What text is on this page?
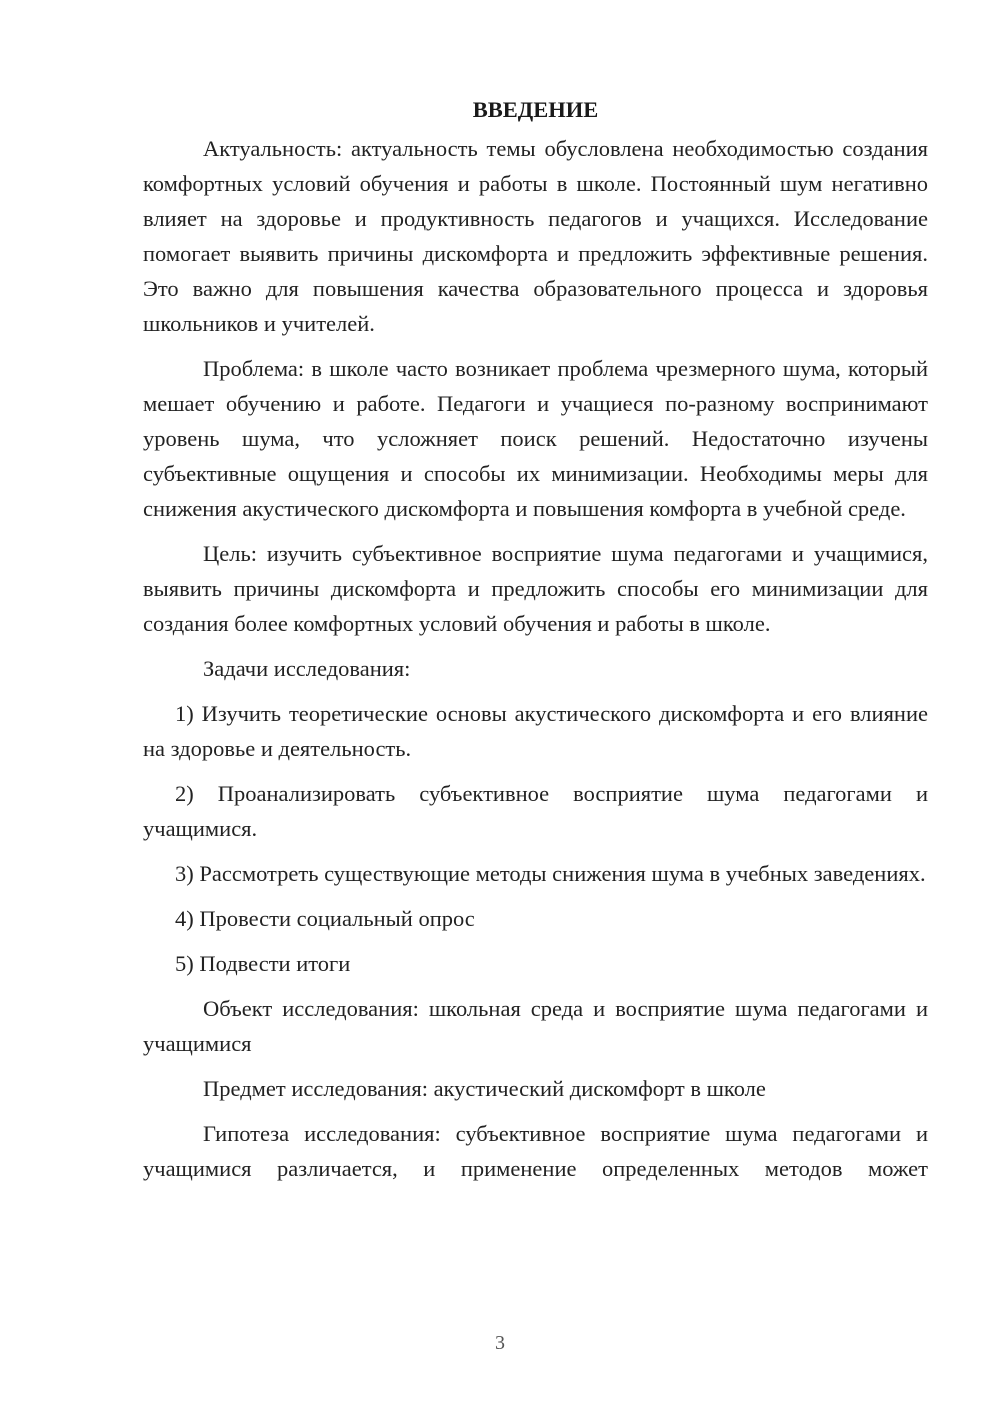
ВВЕДЕНИЕ

Актуальность: актуальность темы обусловлена необходимостью создания комфортных условий обучения и работы в школе. Постоянный шум негативно влияет на здоровье и продуктивность педагогов и учащихся. Исследование помогает выявить причины дискомфорта и предложить эффективные решения. Это важно для повышения качества образовательного процесса и здоровья школьников и учителей.

Проблема: в школе часто возникает проблема чрезмерного шума, который мешает обучению и работе. Педагоги и учащиеся по-разному воспринимают уровень шума, что усложняет поиск решений. Недостаточно изучены субъективные ощущения и способы их минимизации. Необходимы меры для снижения акустического дискомфорта и повышения комфорта в учебной среде.

Цель: изучить субъективное восприятие шума педагогами и учащимися, выявить причины дискомфорта и предложить способы его минимизации для создания более комфортных условий обучения и работы в школе.

Задачи исследования:

1) Изучить теоретические основы акустического дискомфорта и его влияние на здоровье и деятельность.

2) Проанализировать субъективное восприятие шума педагогами и учащимися.

3) Рассмотреть существующие методы снижения шума в учебных заведениях.

4) Провести социальный опрос

5) Подвести итоги

Объект исследования: школьная среда и восприятие шума педагогами и учащимися

Предмет исследования: акустический дискомфорт в школе

Гипотеза исследования: субъективное восприятие шума педагогами и учащимися различается, и применение определенных методов может

3
